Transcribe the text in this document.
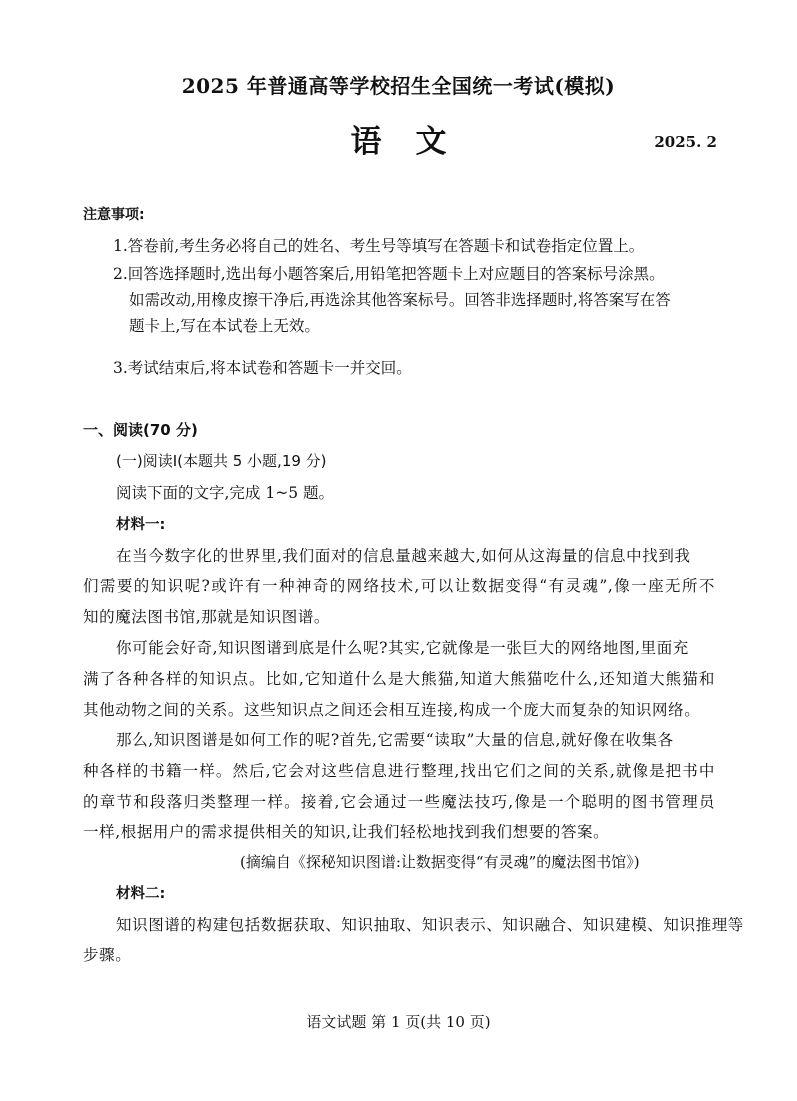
2025 年普通高等学校招生全国统一考试(模拟)
语文	2025. 2
注意事项:
1.答卷前,考生务必将自己的姓名、考生号等填写在答题卡和试卷指定位置上。
2.回答选择题时,选出每小题答案后,用铅笔把答题卡上对应题目的答案标号涂黑。
如需改动,用橡皮擦干净后,再选涂其他答案标号。回答非选择题时,将答案写在答
题卡上,写在本试卷上无效。
3.考试结束后,将本试卷和答题卡一并交回。
一、阅读(70 分)
(一)阅读Ⅰ(本题共 5 小题,19 分)
阅读下面的文字,完成 1~5 题。
材料一:
在当今数字化的世界里,我们面对的信息量越来越大,如何从这海量的信息中找到我
们需要的知识呢?或许有一种神奇的网络技术,可以让数据变得“有灵魂”,像一座无所不
知的魔法图书馆,那就是知识图谱。
你可能会好奇,知识图谱到底是什么呢?其实,它就像是一张巨大的网络地图,里面充
满了各种各样的知识点。比如,它知道什么是大熊猫,知道大熊猫吃什么,还知道大熊猫和
其他动物之间的关系。这些知识点之间还会相互连接,构成一个庞大而复杂的知识网络。
那么,知识图谱是如何工作的呢?首先,它需要“读取”大量的信息,就好像在收集各
种各样的书籍一样。然后,它会对这些信息进行整理,找出它们之间的关系,就像是把书中
的章节和段落归类整理一样。接着,它会通过一些魔法技巧,像是一个聪明的图书管理员
一样,根据用户的需求提供相关的知识,让我们轻松地找到我们想要的答案。
(摘编自《探秘知识图谱:让数据变得“有灵魂”的魔法图书馆》)
材料二:
知识图谱的构建包括数据获取、知识抽取、知识表示、知识融合、知识建模、知识推理等
步骤。
语文试题 第 1 页(共 10 页)
